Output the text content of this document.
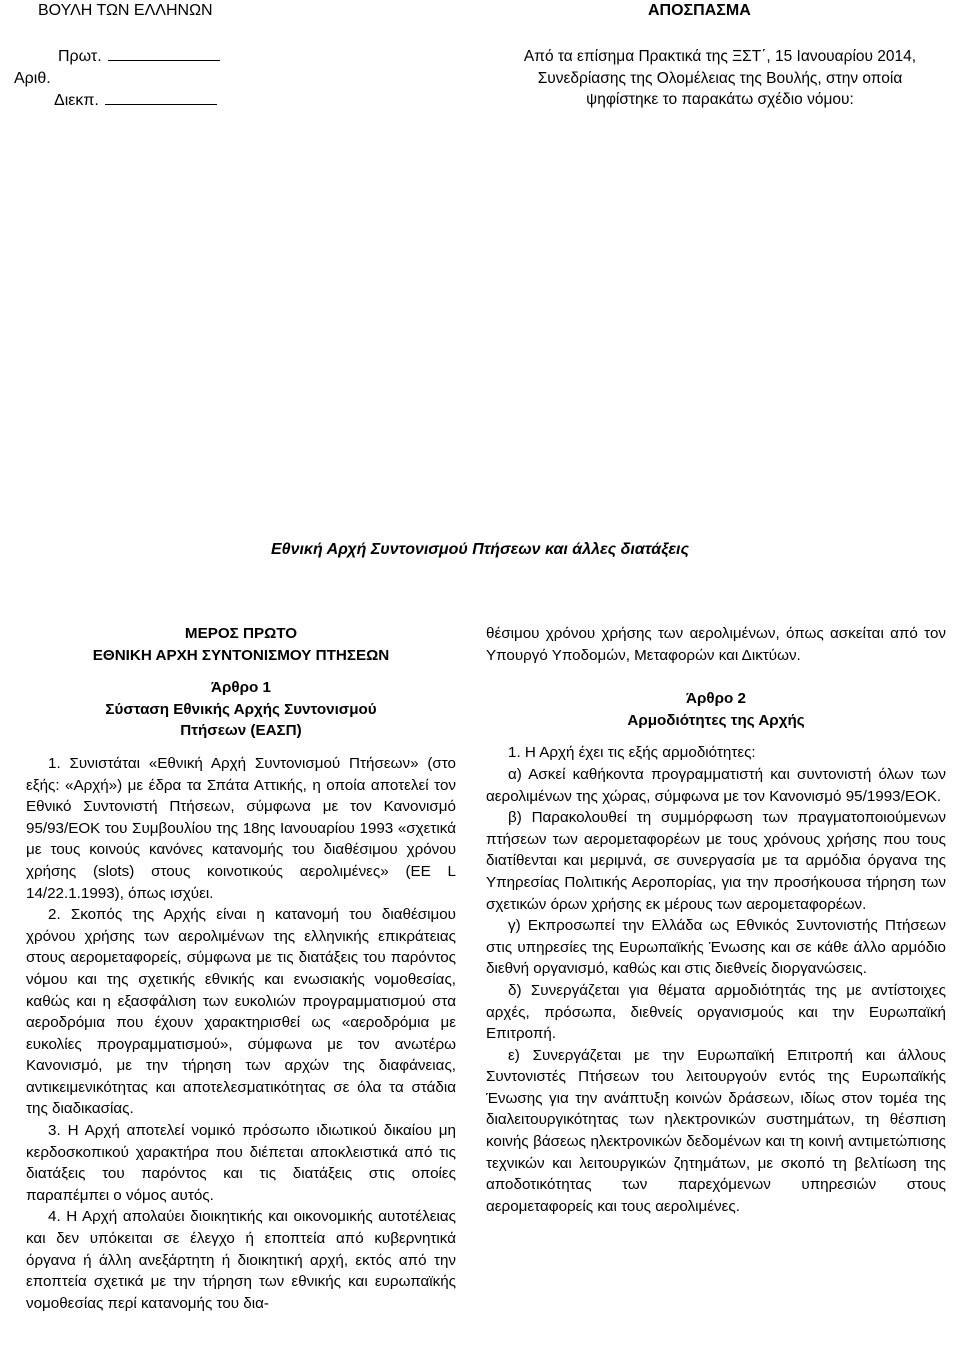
ΒΟΥΛΗ ΤΩΝ ΕΛΛΗΝΩΝ	ΑΠΟΣΠΑΣΜΑ
Πρωτ.
Αριθ.
Διεκπ.

Από τα επίσημα Πρακτικά της ΞΣΤ΄, 15 Ιανουαρίου 2014,

Συνεδρίασης της Ολομέλειας της Βουλής, στην οποία

ψηφίστηκε το παρακάτω σχέδιο νόμου:

Εθνική Αρχή Συντονισμού Πτήσεων και άλλες διατάξεις

ΜΕΡΟΣ ΠΡΩΤΟ

ΕΘΝΙΚΗ ΑΡΧΗ ΣΥΝΤΟΝΙΣΜΟΥ ΠΤΗΣΕΩΝ

Άρθρο 1

Σύσταση Εθνικής Αρχής Συντονισμού

Πτήσεων (ΕΑΣΠ)

1. Συνιστάται «Εθνική Αρχή Συντονισμού Πτήσεων» (στο εξής: «Αρχή») με έδρα τα Σπάτα Αττικής, η οποία αποτελεί τον Εθνικό Συντονιστή Πτήσεων, σύμφωνα με τον Κανονισμό 95/93/ΕΟΚ του Συμβουλίου της 18ης Ιανουαρίου 1993 «σχετικά με τους κοινούς κανόνες κατανομής του διαθέσιμου χρόνου χρήσης (slots) στους κοινοτικούς αερολιμένες» (ΕΕ L 14/22.1.1993), όπως ισχύει.

2. Σκοπός της Αρχής είναι η κατανομή του διαθέσιμου χρόνου χρήσης των αερολιμένων της ελληνικής επικράτειας στους αερομεταφορείς, σύμφωνα με τις διατάξεις του παρόντος νόμου και της σχετικής εθνικής και ενωσιακής νομοθεσίας, καθώς και η εξασφάλιση των ευκολιών προγραμματισμού στα αεροδρόμια που έχουν χαρακτηρισθεί ως «αεροδρόμια με ευκολίες προγραμματισμού», σύμφωνα με τον ανωτέρω Κανονισμό, με την τήρηση των αρχών της διαφάνειας, αντικειμενικότητας και αποτελεσματικότητας σε όλα τα στάδια της διαδικασίας.

3. Η Αρχή αποτελεί νομικό πρόσωπο ιδιωτικού δικαίου μη κερδοσκοπικού χαρακτήρα που διέπεται αποκλειστικά από τις διατάξεις του παρόντος και τις διατάξεις στις οποίες παραπέμπει ο νόμος αυτός.

4. Η Αρχή απολαύει διοικητικής και οικονομικής αυτοτέλειας και δεν υπόκειται σε έλεγχο ή εποπτεία από κυβερνητικά όργανα ή άλλη ανεξάρτητη ή διοικητική αρχή, εκτός από την εποπτεία σχετικά με την τήρηση των εθνικής και ευρωπαϊκής νομοθεσίας περί κατανομής του δια-

θέσιμου χρόνου χρήσης των αερολιμένων, όπως ασκείται από τον Υπουργό Υποδομών, Μεταφορών και Δικτύων.

Άρθρο 2

Αρμοδιότητες της Αρχής

1. Η Αρχή έχει τις εξής αρμοδιότητες:

α) Ασκεί καθήκοντα προγραμματιστή και συντονιστή όλων των αερολιμένων της χώρας, σύμφωνα με τον Κανονισμό 95/1993/ΕΟΚ.

β) Παρακολουθεί τη συμμόρφωση των πραγματοποιούμενων πτήσεων των αερομεταφορέων με τους χρόνους χρήσης που τους διατίθενται και μεριμνά, σε συνεργασία με τα αρμόδια όργανα της Υπηρεσίας Πολιτικής Αεροπορίας, για την προσήκουσα τήρηση των σχετικών όρων χρήσης εκ μέρους των αερομεταφορέων.

γ) Εκπροσωπεί την Ελλάδα ως Εθνικός Συντονιστής Πτήσεων στις υπηρεσίες της Ευρωπαϊκής Ένωσης και σε κάθε άλλο αρμόδιο διεθνή οργανισμό, καθώς και στις διεθνείς διοργανώσεις.

δ) Συνεργάζεται για θέματα αρμοδιότητάς της με αντίστοιχες αρχές, πρόσωπα, διεθνείς οργανισμούς και την Ευρωπαϊκή Επιτροπή.

ε) Συνεργάζεται με την Ευρωπαϊκή Επιτροπή και άλλους Συντονιστές Πτήσεων του λειτουργούν εντός της Ευρωπαϊκής Ένωσης για την ανάπτυξη κοινών δράσεων, ιδίως στον τομέα της διαλειτουργικότητας των ηλεκτρονικών συστημάτων, τη θέσπιση κοινής βάσεως ηλεκτρονικών δεδομένων και τη κοινή αντιμετώπισης τεχνικών και λειτουργικών ζητημάτων, με σκοπό τη βελτίωση της αποδοτικότητας των παρεχόμενων υπηρεσιών στους αερομεταφορείς και τους αερολιμένες.
